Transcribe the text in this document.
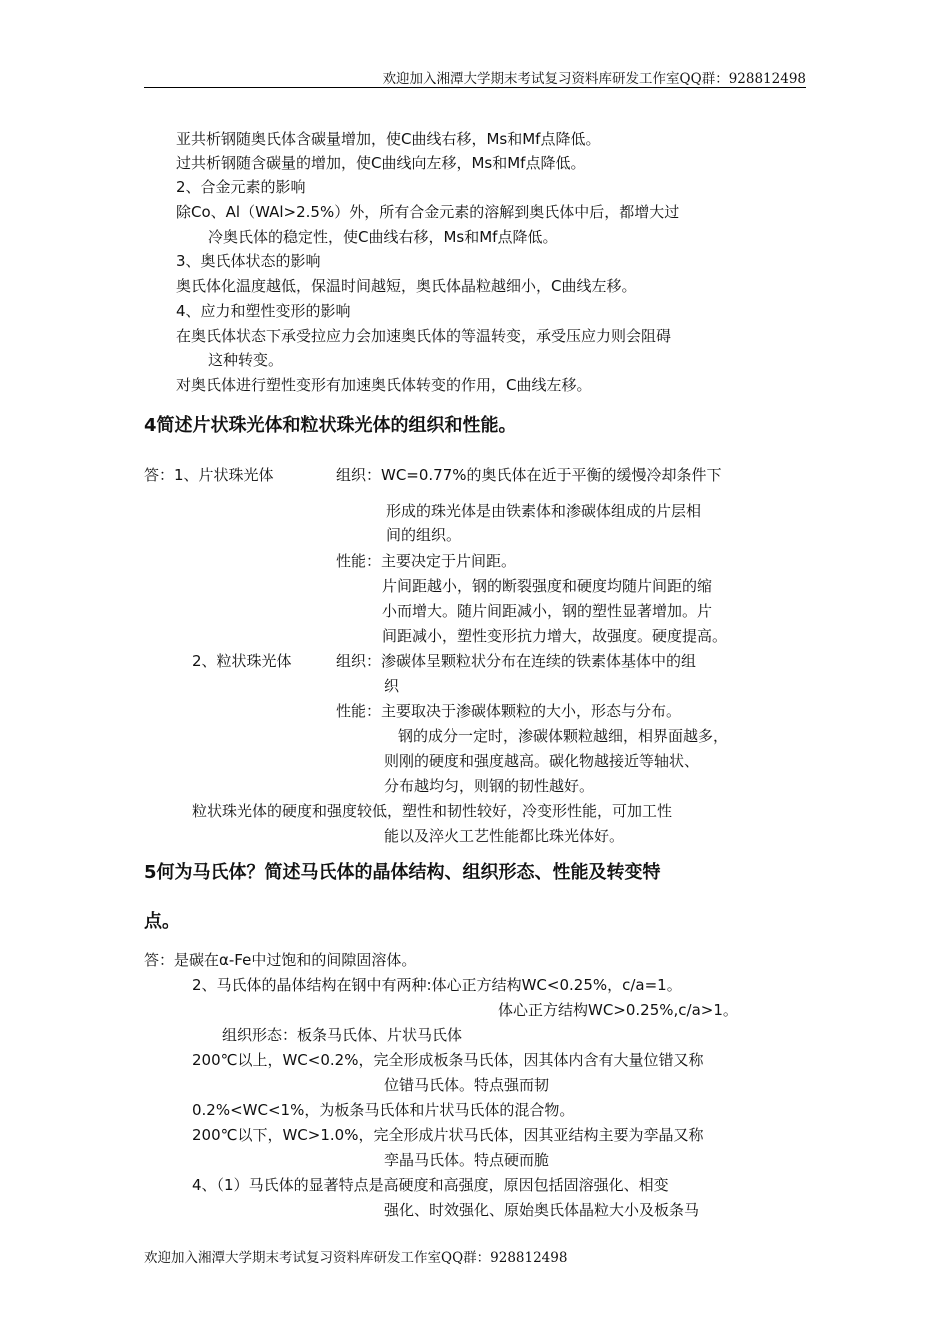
欢迎加入湘潭大学期末考试复习资料库研发工作室QQ群：928812498
亚共析钢随奥氏体含碳量增加，使C曲线右移，Ms和Mf点降低。
过共析钢随含碳量的增加，使C曲线向左移，Ms和Mf点降低。
2、合金元素的影响
除Co、Al（WAl>2.5%）外，所有合金元素的溶解到奥氏体中后，都增大过
冷奥氏体的稳定性，使C曲线右移，Ms和Mf点降低。
3、奥氏体状态的影响
奥氏体化温度越低，保温时间越短，奥氏体晶粒越细小，C曲线左移。
4、应力和塑性变形的影响
在奥氏体状态下承受拉应力会加速奥氏体的等温转变，承受压应力则会阻碍
这种转变。
对奥氏体进行塑性变形有加速奥氏体转变的作用，C曲线左移。
4简述片状珠光体和粒状珠光体的组织和性能。
答：1、片状珠光体	组织：WC=0.77%的奥氏体在近于平衡的缓慢冷却条件下
形成的珠光体是由铁素体和渗碳体组成的片层相
间的组织。
性能：主要决定于片间距。
片间距越小，钢的断裂强度和硬度均随片间距的缩
小而增大。随片间距减小，钢的塑性显著增加。片
间距减小，塑性变形抗力增大，故强度。硬度提高。
2、粒状珠光体	组织：渗碳体呈颗粒状分布在连续的铁素体基体中的组
织
性能：主要取决于渗碳体颗粒的大小，形态与分布。
钢的成分一定时，渗碳体颗粒越细，相界面越多，
则刚的硬度和强度越高。碳化物越接近等轴状、
分布越均匀，则钢的韧性越好。
粒状珠光体的硬度和强度较低，塑性和韧性较好，冷变形性能，可加工性
能以及淬火工艺性能都比珠光体好。
5何为马氏体？简述马氏体的晶体结构、组织形态、性能及转变特
点。
答：是碳在α-Fe中过饱和的间隙固溶体。
2、马氏体的晶体结构在钢中有两种:体心正方结构WC<0.25%，c/a=1。
体心正方结构WC>0.25%,c/a>1。
组织形态：板条马氏体、片状马氏体
200℃以上，WC<0.2%，完全形成板条马氏体，因其体内含有大量位错又称
位错马氏体。特点强而韧
0.2%<WC<1%，为板条马氏体和片状马氏体的混合物。
200℃以下，WC>1.0%，完全形成片状马氏体，因其亚结构主要为孪晶又称
孪晶马氏体。特点硬而脆
4、（1）马氏体的显著特点是高硬度和高强度，原因包括固溶强化、相变
强化、时效强化、原始奥氏体晶粒大小及板条马
欢迎加入湘潭大学期末考试复习资料库研发工作室QQ群：928812498
